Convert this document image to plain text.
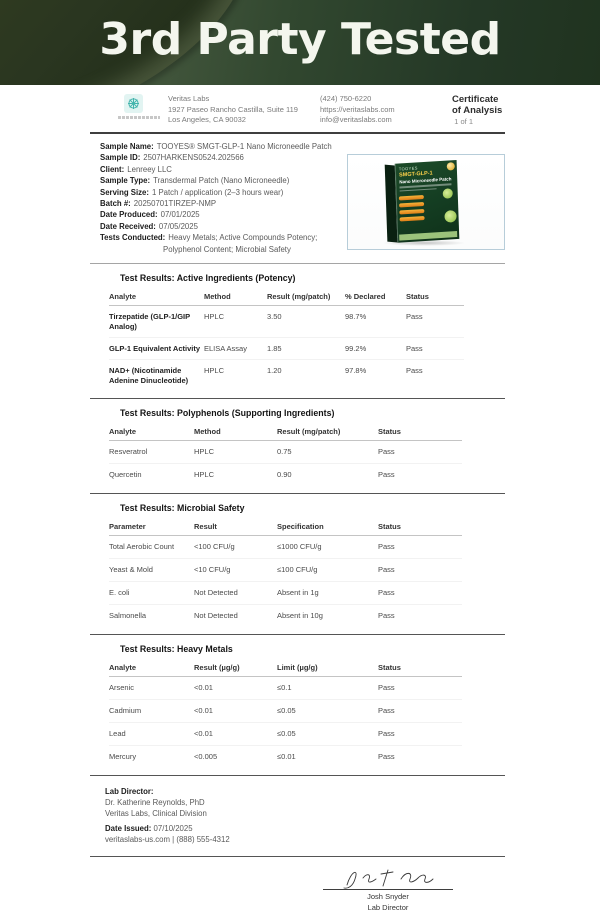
3rd Party Tested
Veritas Labs
1927 Paseo Rancho Castilla, Suite 119
Los Angeles, CA 90032
(424) 750-6220
https://veritaslabs.com
info@veritaslabs.com
Certificate of Analysis
1 of 1
Sample Name: TOOYES® SMGT-GLP-1 Nano Microneedle Patch
Sample ID: 2507HARKENS0524.202566
Client: Lenreey LLC
Sample Type: Transdermal Patch (Nano Microneedle)
Serving Size: 1 Patch / application (2–3 hours wear)
Batch #: 20250701TIRZEP-NMP
Date Produced: 07/01/2025
Date Received: 07/05/2025
Tests Conducted: Heavy Metals; Active Compounds Potency;
Polyphenol Content; Microbial Safety
TOOYES
SMGT-GLP-1
Nano Microneedle Patch
Test Results: Active Ingredients (Potency)
Analyte	Method	Result (mg/patch)	% Declared	Status
Tirzepatide (GLP-1/GIP Analog)	HPLC	3.50	98.7%	Pass
GLP-1 Equivalent Activity	ELISA Assay	1.85	99.2%	Pass
NAD+ (Nicotinamide Adenine Dinucleotide)	HPLC	1.20	97.8%	Pass
Test Results: Polyphenols (Supporting Ingredients)
Analyte	Method	Result (mg/patch)	Status
Resveratrol	HPLC	0.75	Pass
Quercetin	HPLC	0.90	Pass
Test Results: Microbial Safety
Parameter	Result	Specification	Status
Total Aerobic Count	<100 CFU/g	≤1000 CFU/g	Pass
Yeast & Mold	<10 CFU/g	≤100 CFU/g	Pass
E. coli	Not Detected	Absent in 1g	Pass
Salmonella	Not Detected	Absent in 10g	Pass
Test Results: Heavy Metals
Analyte	Result (µg/g)	Limit (µg/g)	Status
Arsenic	<0.01	≤0.1	Pass
Cadmium	<0.01	≤0.05	Pass
Lead	<0.01	≤0.05	Pass
Mercury	<0.005	≤0.01	Pass
Lab Director:
Dr. Katherine Reynolds, PhD
Veritas Labs, Clinical Division
Date Issued: 07/10/2025
veritaslabs-us.com | (888) 555-4312
Josh Snyder
Lab Director
